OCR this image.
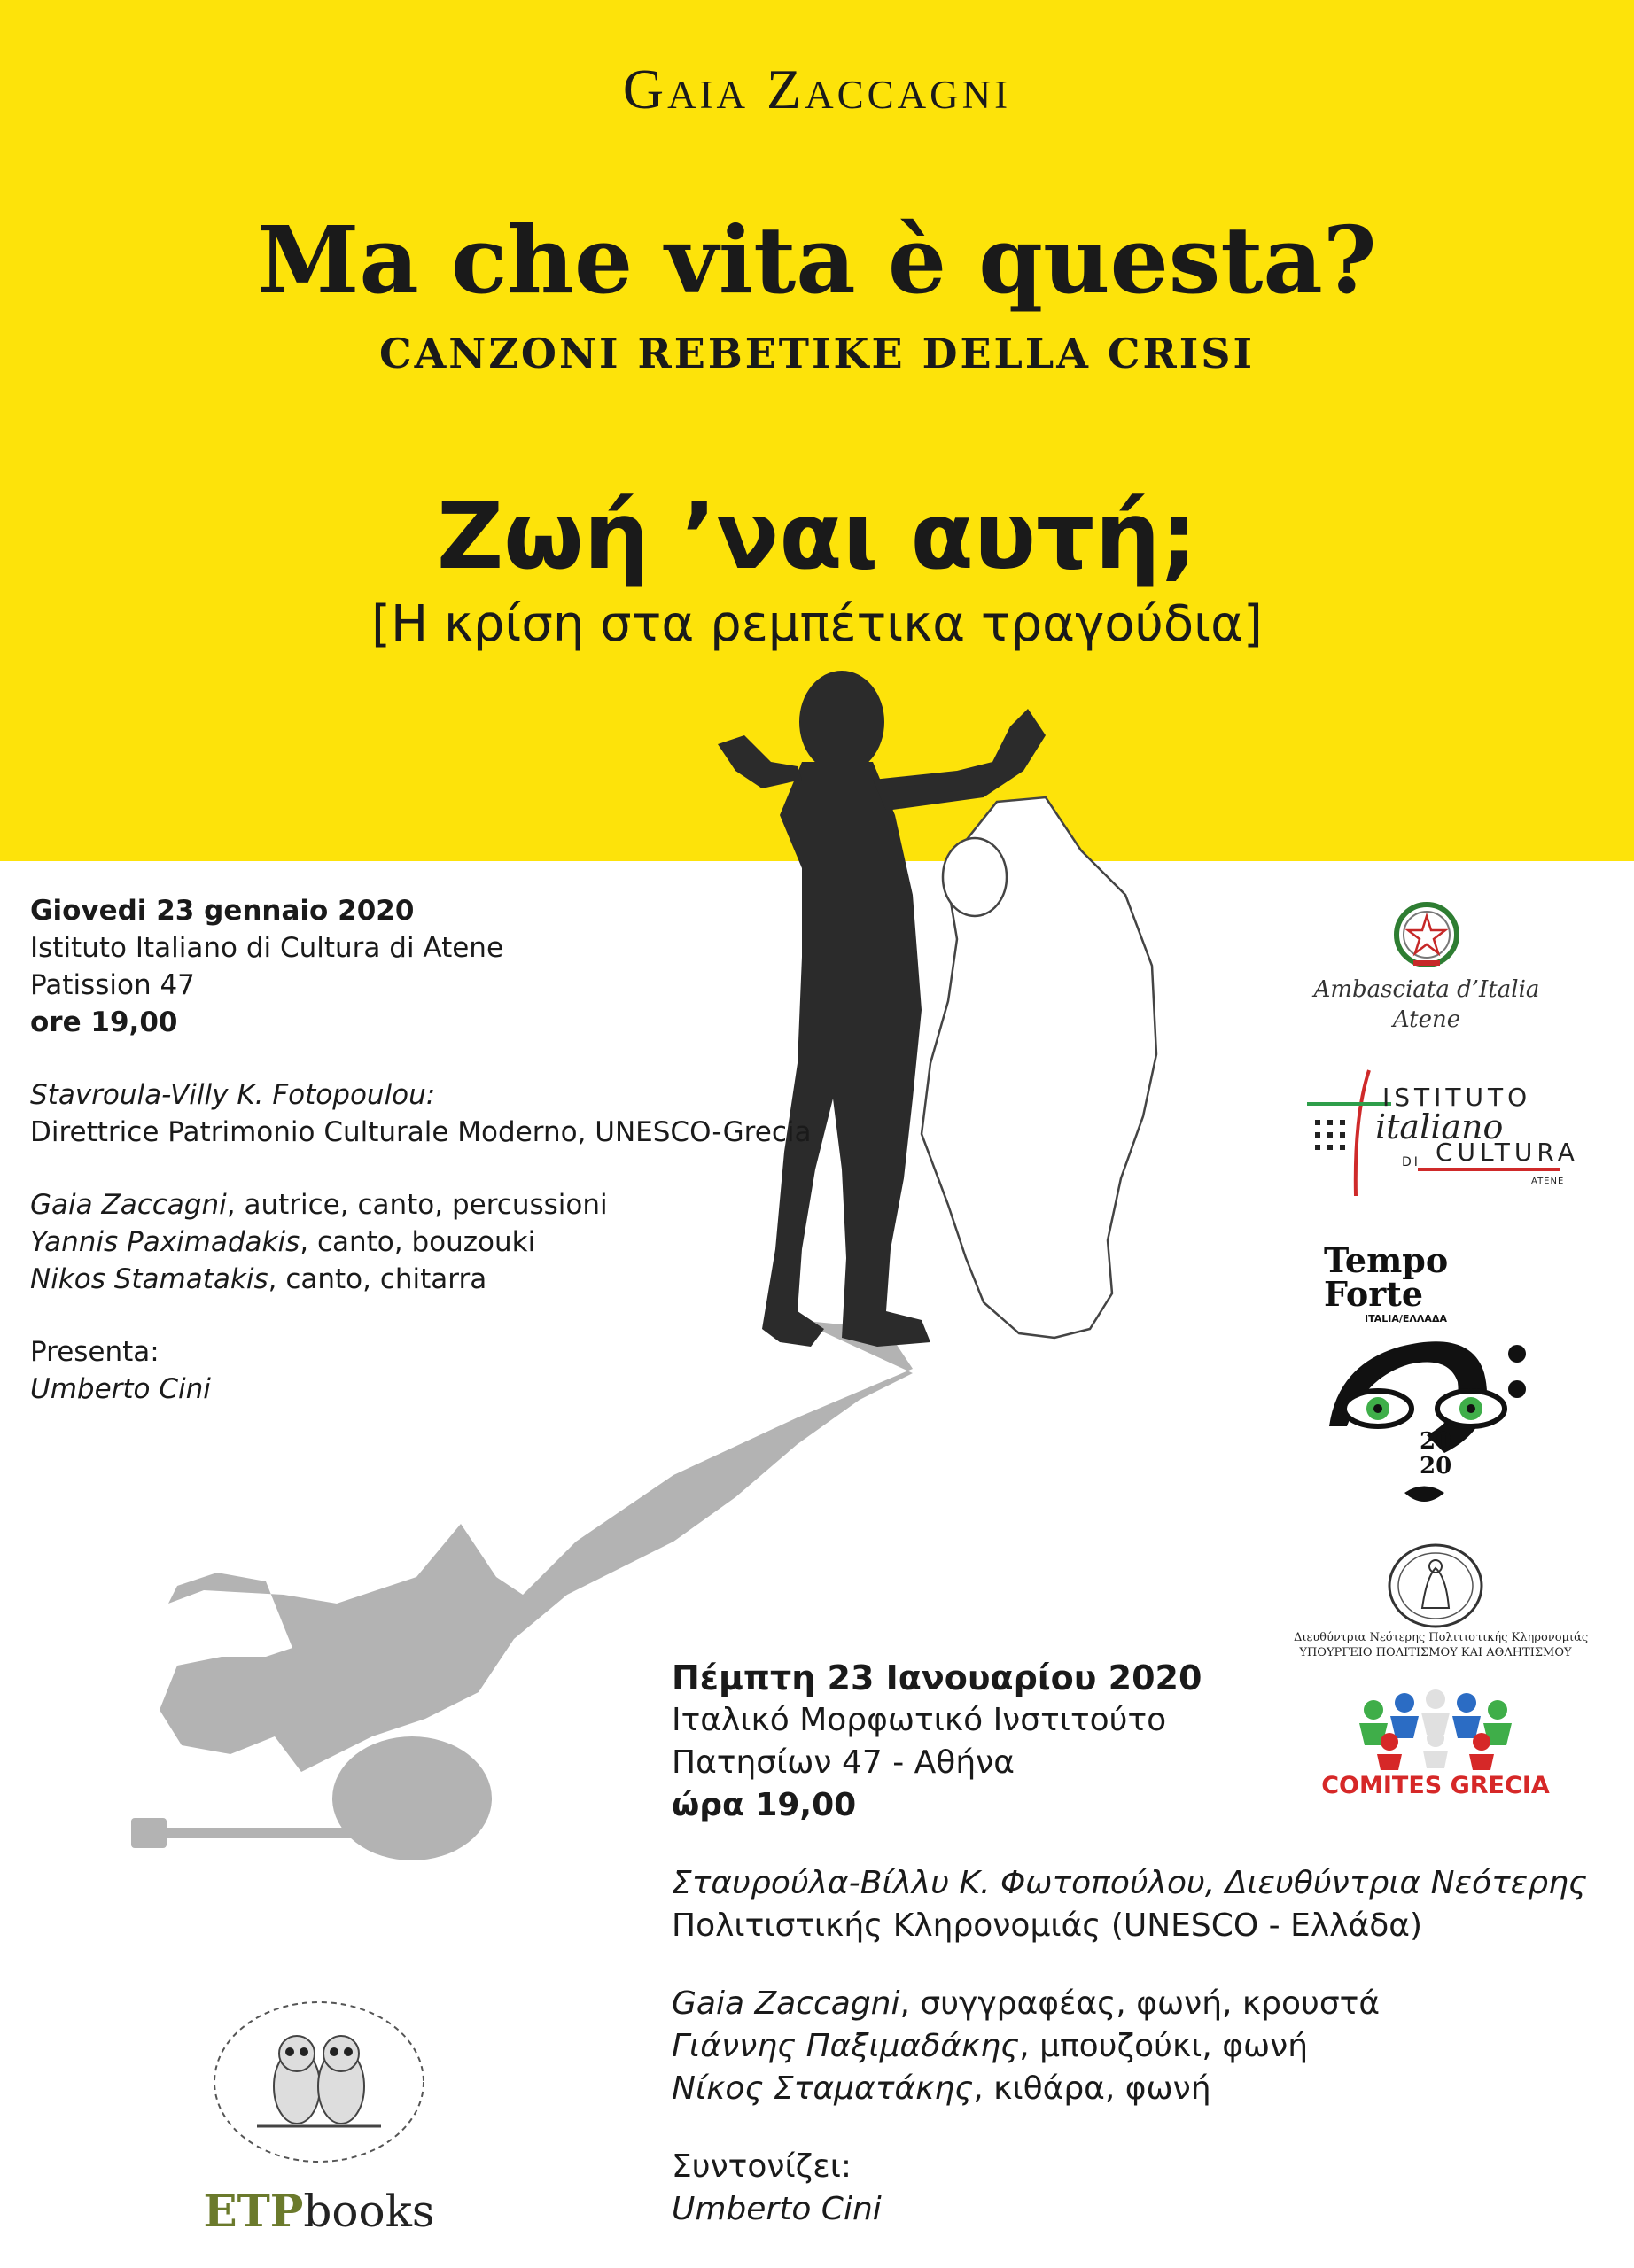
Gaia Zaccagni
Ma che vita è questa?
CANZONI REBETIKE DELLA CRISI
Ζωή ’ναι αυτή;
[Η κρίση στα ρεμπέτικα τραγούδια]
Giovedi 23 gennaio 2020
Istituto Italiano di Cultura di Atene
Patission 47
ore 19,00
Stavroula-Villy K. Fotopoulou:
Direttrice Patrimonio Culturale Moderno, UNESCO-Grecia
Gaia Zaccagni, autrice, canto, percussioni
Yannis Paximadakis, canto, bouzouki
Nikos Stamatakis, canto, chitarra
Presenta:
Umberto Cini
Πέμπτη 23 Ιανουαρίου 2020
Ιταλικό Μορφωτικό Ινστιτούτο
Πατησίων 47 - Αθήνα
ώρα 19,00
Σταυρούλα-Βίλλυ Κ. Φωτοπούλου, Διευθύντρια Νεότερης
Πολιτιστικής Κληρονομιάς (UNESCO - Ελλάδα)
Gaia Zaccagni, συγγραφέας, φωνή, κρουστά
Γιάννης Παξιμαδάκης, μπουζούκι, φωνή
Νίκος Σταματάκης, κιθάρα, φωνή
Συντονίζει:
Umberto Cini
Ambasciata d’Italia
Atene
ISTITUTO
italiano
DI CULTURA
ATENE
Tempo
Forte
ITALIA/ΕΛΛΑΔΑ
20
20
Διευθύντρια Νεότερης Πολιτιστικής Κληρονομιάς
ΥΠΟΥΡΓΕΙΟ ΠΟΛΙΤΙΣΜΟΥ ΚΑΙ ΑΘΛΗΤΙΣΜΟΥ
COMITES GRECIA
ETPbooks
